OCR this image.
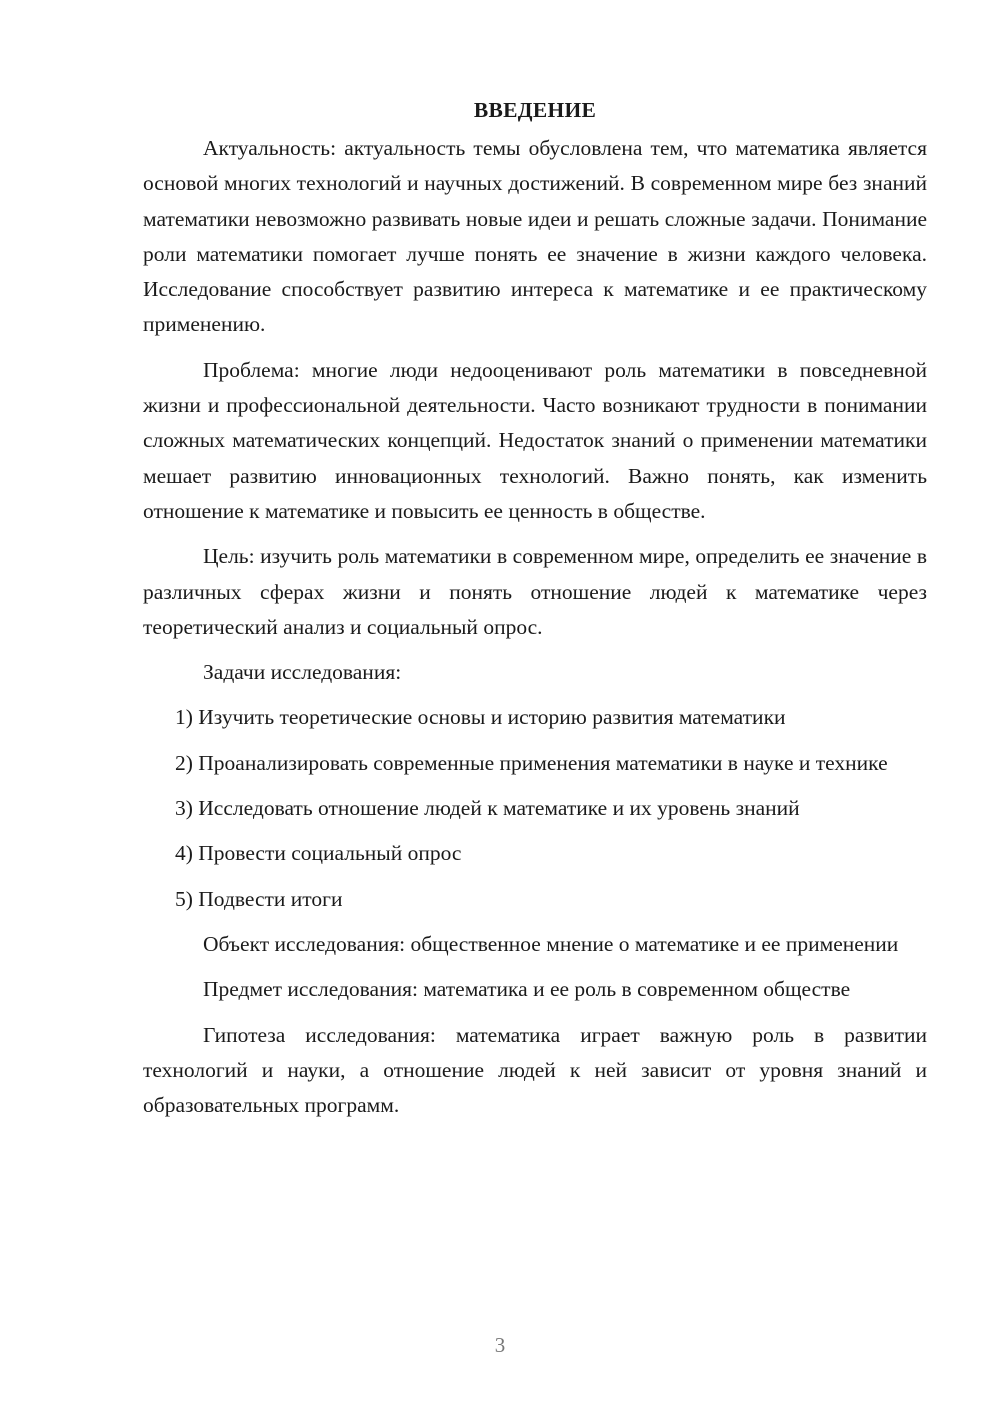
ВВЕДЕНИЕ

Актуальность: актуальность темы обусловлена тем, что математика является основой многих технологий и научных достижений. В современном мире без знаний математики невозможно развивать новые идеи и решать сложные задачи. Понимание роли математики помогает лучше понять ее значение в жизни каждого человека. Исследование способствует развитию интереса к математике и ее практическому применению.

Проблема: многие люди недооценивают роль математики в повседневной жизни и профессиональной деятельности. Часто возникают трудности в понимании сложных математических концепций. Недостаток знаний о применении математики мешает развитию инновационных технологий. Важно понять, как изменить отношение к математике и повысить ее ценность в обществе.

Цель: изучить роль математики в современном мире, определить ее значение в различных сферах жизни и понять отношение людей к математике через теоретический анализ и социальный опрос.

Задачи исследования:

1) Изучить теоретические основы и историю развития математики

2) Проанализировать современные применения математики в науке и технике

3) Исследовать отношение людей к математике и их уровень знаний

4) Провести социальный опрос

5) Подвести итоги

Объект исследования: общественное мнение о математике и ее применении

Предмет исследования: математика и ее роль в современном обществе

Гипотеза исследования: математика играет важную роль в развитии технологий и науки, а отношение людей к ней зависит от уровня знаний и образовательных программ.

3
